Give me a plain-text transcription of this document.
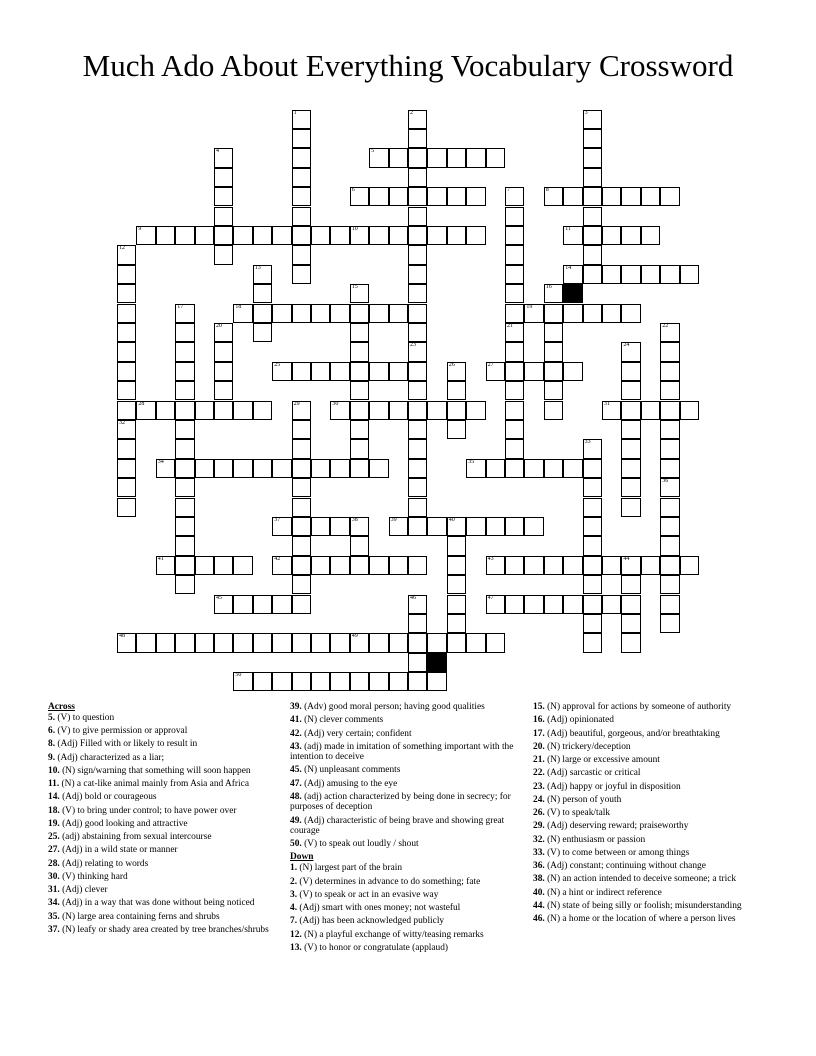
Much Ado About Everything Vocabulary Crossword
5
6	8
9	10	11
14
18	19
25	27
28	30	31
34	35
37	38	39	40
41	42	43	44
45	47
48	49
50
1	2
23
3
4
7
21
12
32
13
15	16
17
20	22
24
26
29
33
36
46
Across
5. (V) to question
6. (V) to give permission or approval
8. (Adj) Filled with or likely to result in
9. (Adj) characterized as a liar;
10. (N) sign/warning that something will soon happen
11. (N) a cat-like animal mainly from Asia and Africa
14. (Adj) bold or courageous
18. (V) to bring under control; to have power over
19. (Adj) good looking and attractive
25. (adj) abstaining from sexual intercourse
27. (Adj) in a wild state or manner
28. (Adj) relating to words
30. (V) thinking hard
31. (Adj) clever
34. (Adj) in a way that was done without being noticed
35. (N) large area containing ferns and shrubs
37. (N) leafy or shady area created by tree branches/shrubs
39. (Adv) good moral person; having good qualities
41. (N) clever comments
42. (Adj) very certain; confident
43. (adj) made in imitation of something important with the intention to deceive
45. (N) unpleasant comments
47. (Adj) amusing to the eye
48. (adj) action characterized by being done in secrecy; for purposes of deception
49. (Adj) characteristic of being brave and showing great courage
50. (V) to speak out loudly / shout
Down
1. (N) largest part of the brain
2. (V) determines in advance to do something; fate
3. (V) to speak or act in an evasive way
4. (Adj) smart with ones money; not wasteful
7. (Adj) has been acknowledged publicly
12. (N) a playful exchange of witty/teasing remarks
13. (V) to honor or congratulate (applaud)
15. (N) approval for actions by someone of authority
16. (Adj) opinionated
17. (Adj) beautiful, gorgeous, and/or breathtaking
20. (N) trickery/deception
21. (N) large or excessive amount
22. (Adj) sarcastic or critical
23. (Adj) happy or joyful in disposition
24. (N) person of youth
26. (V) to speak/talk
29. (Adj) deserving reward; praiseworthy
32. (N) enthusiasm or passion
33. (V) to come between or among things
36. (Adj) constant; continuing without change
38. (N) an action intended to deceive someone; a trick
40. (N) a hint or indirect reference
44. (N) state of being silly or foolish; misunderstanding
46. (N) a home or the location of where a person lives
